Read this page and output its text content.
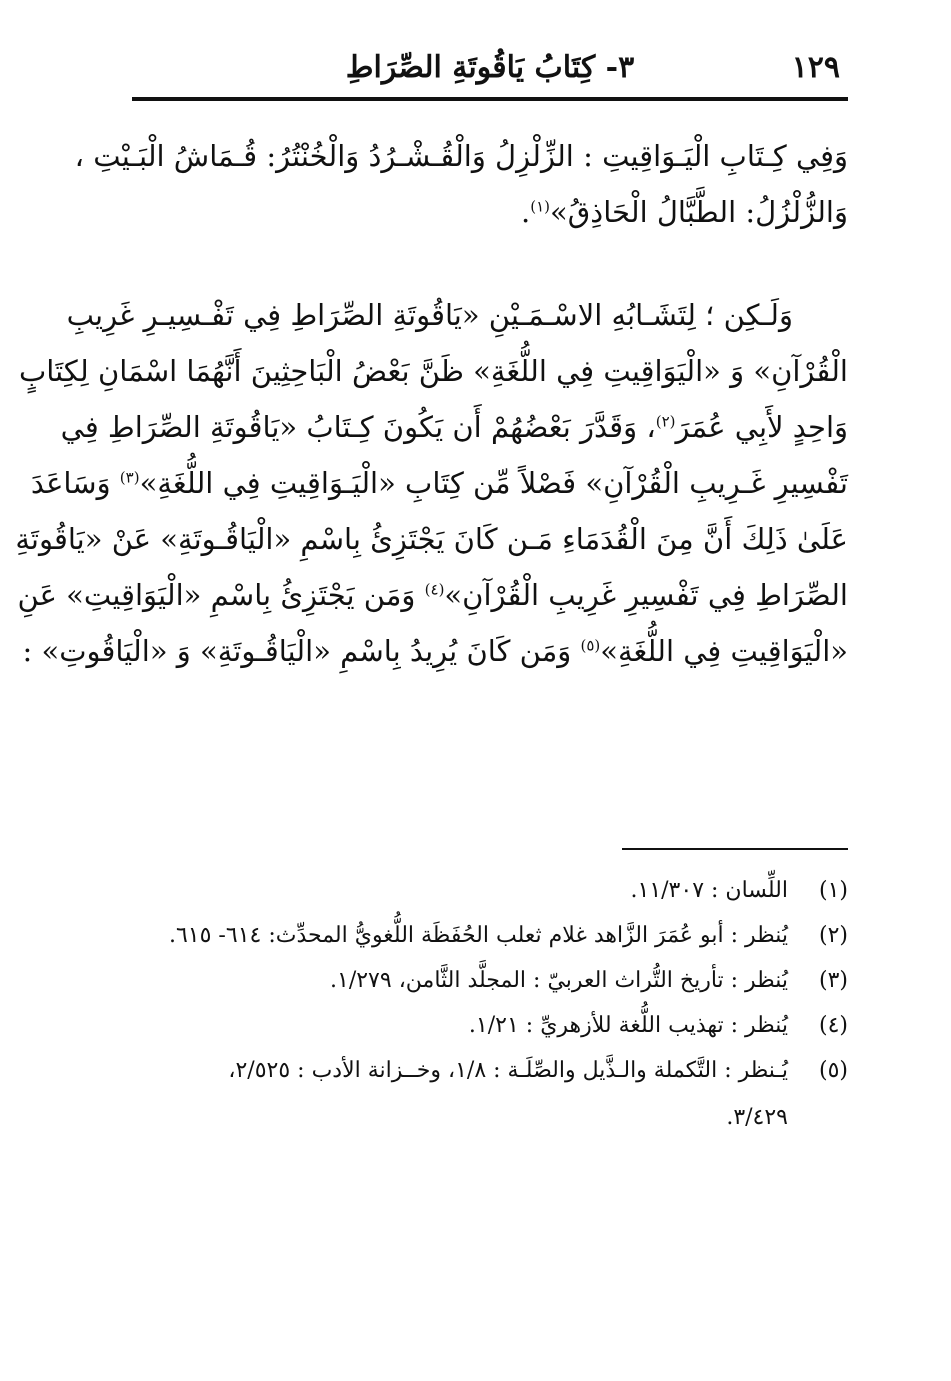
١٢٩
٣- كِتَابُ يَاقُوتَةِ الصِّرَاطِ
وَفِي كِـتَابِ الْيَـوَاقِيتِ : الزِّلْزِلُ وَالْقُـشْـرُدُ وَالْخُنْتُرُ: قُـمَاشُ الْبَـيْتِ ،
وَالزُّلْزُلُ: الطَّبَّالُ الْحَاذِقُ»$^{(١)}$.
وَلَـكِن ؛ لِتَشَـابُهِ الاسْـمَـيْنِ «يَاقُوتَةِ الصِّرَاطِ فِي تَفْـسِيـرِ غَرِيبِ
الْقُرْآنِ» وَ «الْيَوَاقِيتِ فِي اللُّغَةِ» ظَنَّ بَعْضُ الْبَاحِثِينَ أَنَّهُمَا اسْمَانِ لِكِتَابٍ
وَاحِدٍ لأَبِي عُمَرَ$^{(٢)}$، وَقَدَّرَ بَعْضُهُمْ أَن يَكُونَ كِـتَابُ «يَاقُوتَةِ الصِّرَاطِ فِي
تَفْسِيرِ غَـرِيبِ الْقُرْآنِ» فَصْلاً مِّن كِتَابِ «الْيَـوَاقِيتِ فِي اللُّغَةِ»$^{(٣)}$ وَسَاعَدَ
عَلَىٰ ذَلِكَ أَنَّ مِنَ الْقُدَمَاءِ مَـن كَانَ يَجْتَزِئُ بِاسْمِ «الْيَاقُـوتَةِ» عَنْ «يَاقُوتَةِ
الصِّرَاطِ فِي تَفْسِيرِ غَرِيبِ الْقُرْآنِ»$^{(٤)}$ وَمَن يَجْتَزِئُ بِاسْمِ «الْيَوَاقِيتِ» عَنِ
«الْيَوَاقِيتِ فِي اللُّغَةِ»$^{(٥)}$ وَمَن كَانَ يُرِيدُ بِاسْمِ «الْيَاقُـوتَةِ» وَ «الْيَاقُوتِ» :
(١)
اللِّسان : ١١/٣٠٧.
(٢)
يُنظر : أبو عُمَرَ الزَّاهد غلام ثعلب الحُفَظَة اللُّغويُّ المحدِّث: ٦١٤- ٦١٥.
(٣)
يُنظر : تأريخ التُّراث العربيّ : المجلَّد الثَّامن، ١/٢٧٩.
(٤)
يُنظر : تهذيب اللُّغة للأزهريِّ : ١/٢١.
(٥)
يُـنظر : التَّكملة والـذَّيل والصِّلَـة : ١/٨، وخــزانة الأدب : ٢/٥٢٥،
٣/٤٢٩.
